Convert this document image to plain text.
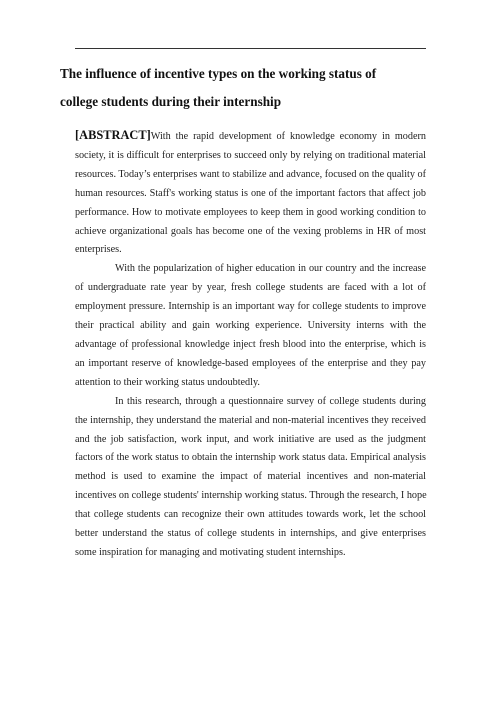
The influence of incentive types on the working status of
college students during their internship

[ABSTRACT]With the rapid development of knowledge economy in modern
society, it is difficult for enterprises to succeed only by relying on traditional material
resources. Today’s enterprises want to stabilize and advance, focused on the quality of
human resources. Staff's working status is one of the important factors that affect job
performance. How to motivate employees to keep them in good working condition to
achieve organizational goals has become one of the vexing problems in HR of most
enterprises.

With the popularization of higher education in our country and the increase
of undergraduate rate year by year, fresh college students are faced with a lot of
employment pressure. Internship is an important way for college students to improve
their practical ability and gain working experience. University interns with the
advantage of professional knowledge inject fresh blood into the enterprise, which is
an important reserve of knowledge-based employees of the enterprise and they pay
attention to their working status undoubtedly.

In this research, through a questionnaire survey of college students during
the internship, they understand the material and non-material incentives they received
and the job satisfaction, work input, and work initiative are used as the judgment
factors of the work status to obtain the internship work status data. Empirical analysis
method is used to examine the impact of material incentives and non-material
incentives on college students' internship working status. Through the research, I hope
that college students can recognize their own attitudes towards work, let the school
better understand the status of college students in internships, and give enterprises
some inspiration for managing and motivating student internships.
